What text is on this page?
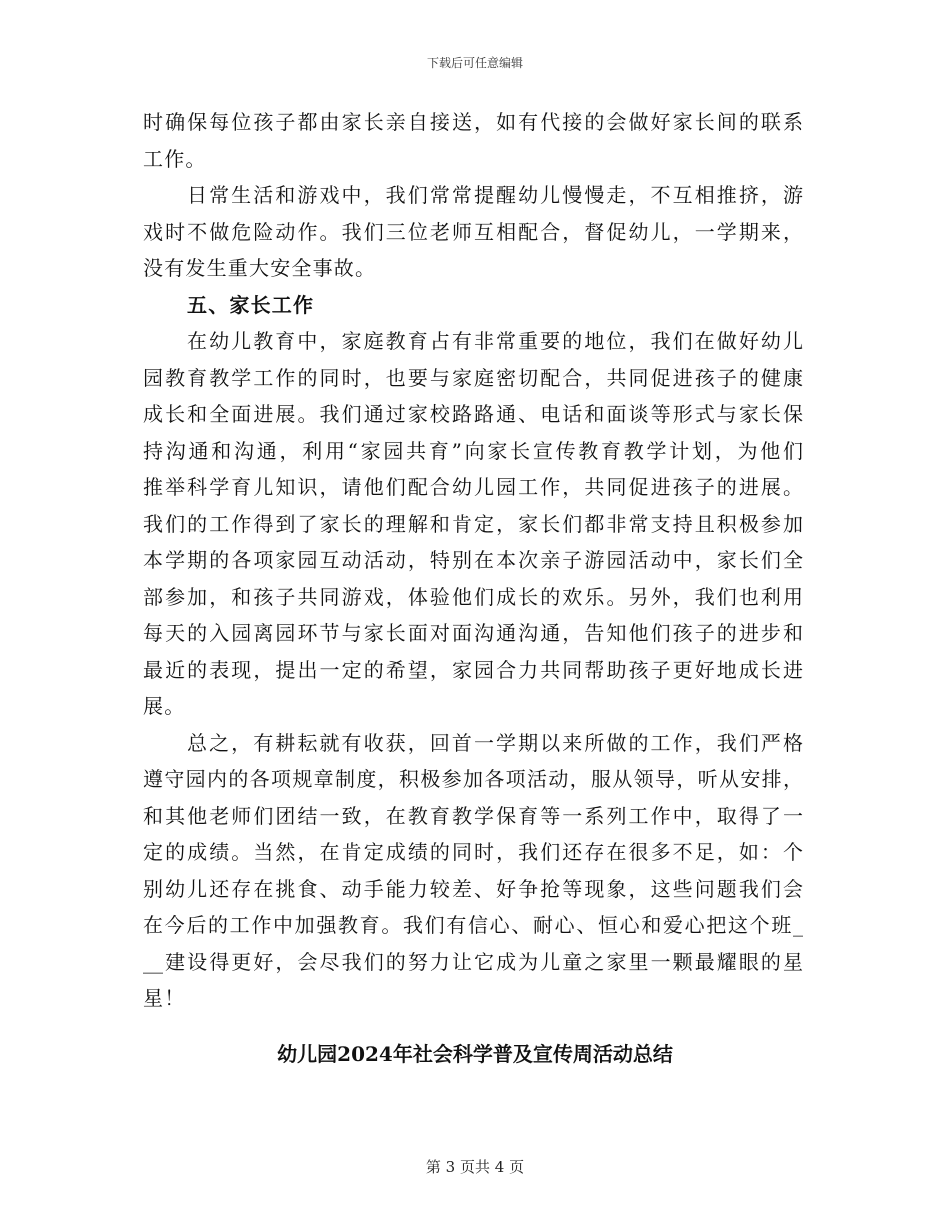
下载后可任意编辑
时确保每位孩子都由家长亲自接送，如有代接的会做好家长间的联系
工作。
日常生活和游戏中，我们常常提醒幼儿慢慢走，不互相推挤，游
戏时不做危险动作。我们三位老师互相配合，督促幼儿，一学期来，
没有发生重大安全事故。
五、家长工作
在幼儿教育中，家庭教育占有非常重要的地位，我们在做好幼儿
园教育教学工作的同时，也要与家庭密切配合，共同促进孩子的健康
成长和全面进展。我们通过家校路路通、电话和面谈等形式与家长保
持沟通和沟通，利用“家园共育”向家长宣传教育教学计划，为他们
推举科学育儿知识，请他们配合幼儿园工作，共同促进孩子的进展。
我们的工作得到了家长的理解和肯定，家长们都非常支持且积极参加
本学期的各项家园互动活动，特别在本次亲子游园活动中，家长们全
部参加，和孩子共同游戏，体验他们成长的欢乐。另外，我们也利用
每天的入园离园环节与家长面对面沟通沟通，告知他们孩子的进步和
最近的表现，提出一定的希望，家园合力共同帮助孩子更好地成长进
展。
总之，有耕耘就有收获，回首一学期以来所做的工作，我们严格
遵守园内的各项规章制度，积极参加各项活动，服从领导，听从安排，
和其他老师们团结一致，在教育教学保育等一系列工作中，取得了一
定的成绩。当然，在肯定成绩的同时，我们还存在很多不足，如：个
别幼儿还存在挑食、动手能力较差、好争抢等现象，这些问题我们会
在今后的工作中加强教育。我们有信心、耐心、恒心和爱心把这个班_
__建设得更好，会尽我们的努力让它成为儿童之家里一颗最耀眼的星
星！
幼儿园2024年社会科学普及宣传周活动总结
第 3 页共 4 页
